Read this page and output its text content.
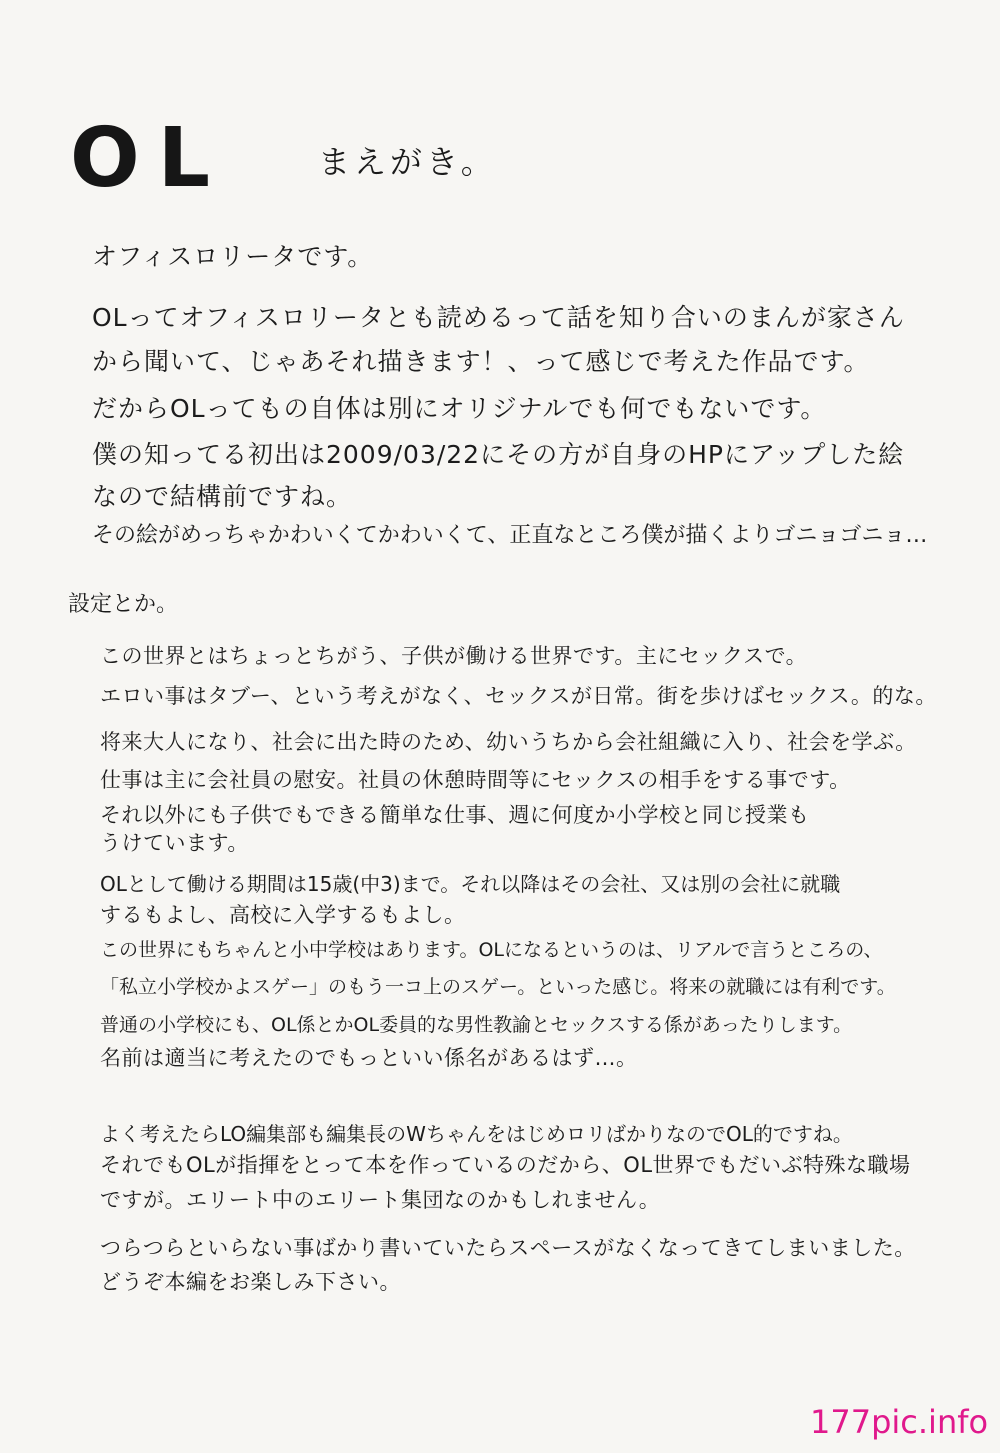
OL	まえがき。
オフィスロリータです。
OLってオフィスロリータとも読めるって話を知り合いのまんが家さん
から聞いて、じゃあそれ描きます！、って感じで考えた作品です。
だからOLってもの自体は別にオリジナルでも何でもないです。
僕の知ってる初出は2009/03/22にその方が自身のHPにアップした絵
なので結構前ですね。
その絵がめっちゃかわいくてかわいくて、正直なところ僕が描くよりゴニョゴニョ…
設定とか。
この世界とはちょっとちがう、子供が働ける世界です。主にセックスで。
エロい事はタブー、という考えがなく、セックスが日常。街を歩けばセックス。的な。
将来大人になり、社会に出た時のため、幼いうちから会社組織に入り、社会を学ぶ。
仕事は主に会社員の慰安。社員の休憩時間等にセックスの相手をする事です。
それ以外にも子供でもできる簡単な仕事、週に何度か小学校と同じ授業も
うけています。
OLとして働ける期間は15歳(中3)まで。それ以降はその会社、又は別の会社に就職
するもよし、高校に入学するもよし。
この世界にもちゃんと小中学校はあります。OLになるというのは、リアルで言うところの、
「私立小学校かよスゲー」のもう一コ上のスゲー。といった感じ。将来の就職には有利です。
普通の小学校にも、OL係とかOL委員的な男性教諭とセックスする係があったりします。
名前は適当に考えたのでもっといい係名があるはず…。
よく考えたらLO編集部も編集長のWちゃんをはじめロリばかりなのでOL的ですね。
それでもOLが指揮をとって本を作っているのだから、OL世界でもだいぶ特殊な職場
ですが。エリート中のエリート集団なのかもしれません。
つらつらといらない事ばかり書いていたらスペースがなくなってきてしまいました。
どうぞ本編をお楽しみ下さい。
177pic.info
